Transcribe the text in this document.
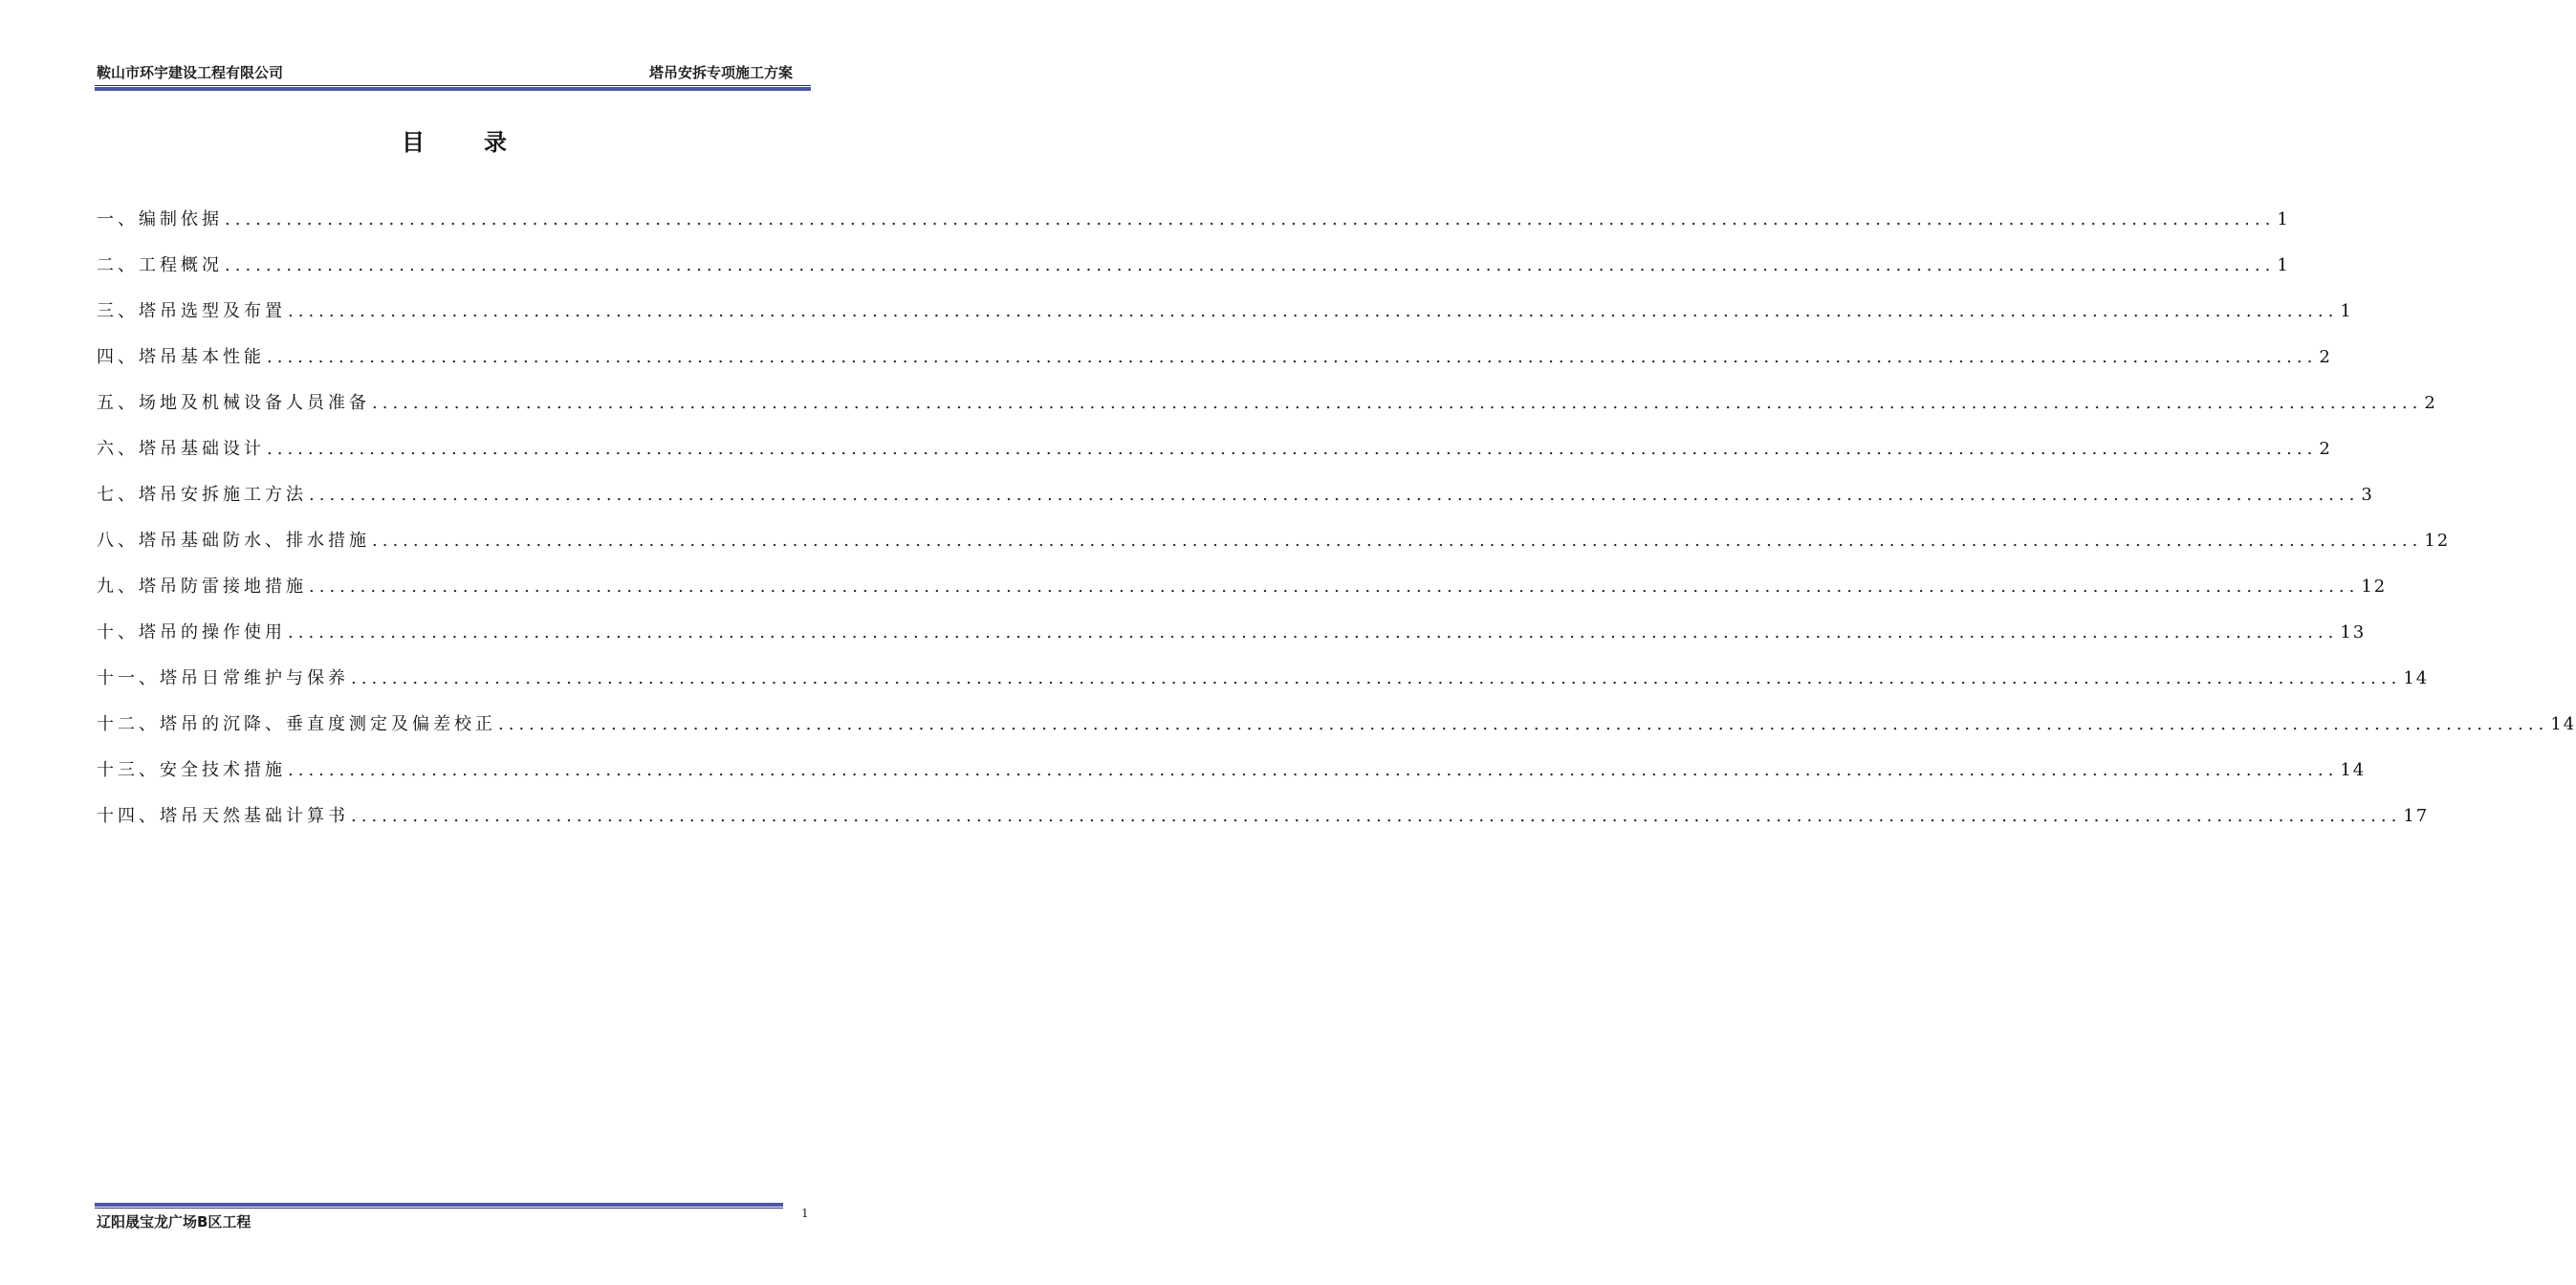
鞍山市环宇建设工程有限公司	塔吊安拆专项施工方案
目录
一、编制依据 ........................................................................................................................................................................................................ 1
二、工程概况 ........................................................................................................................................................................................................ 1
三、塔吊选型及布置 ........................................................................................................................................................................................................ 1
四、塔吊基本性能 ........................................................................................................................................................................................................ 2
五、场地及机械设备人员准备 ........................................................................................................................................................................................................ 2
六、塔吊基础设计 ........................................................................................................................................................................................................ 2
七、塔吊安拆施工方法 ........................................................................................................................................................................................................ 3
八、塔吊基础防水、排水措施 ........................................................................................................................................................................................................ 12
九、塔吊防雷接地措施 ........................................................................................................................................................................................................ 12
十、塔吊的操作使用 ........................................................................................................................................................................................................ 13
十一、塔吊日常维护与保养 ........................................................................................................................................................................................................ 14
十二、塔吊的沉降、垂直度测定及偏差校正 ........................................................................................................................................................................................................ 14
十三、安全技术措施 ........................................................................................................................................................................................................ 14
十四、塔吊天然基础计算书 ........................................................................................................................................................................................................ 17
辽阳晟宝龙广场B区工程	1
